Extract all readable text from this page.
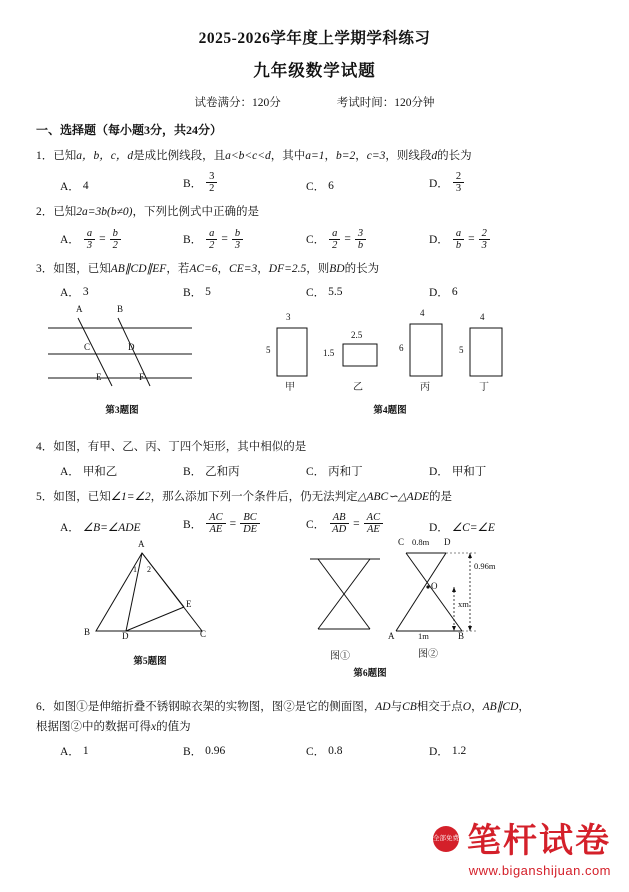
2025-2026学年度上学期学科练习
九年级数学试题
试卷满分：120分	考试时间：120分钟
一、选择题（每小题3分，共24分）
1．已知a，b，c，d是成比例线段，且a<b<c<d，其中a=1，b=2，c=3，则线段d的长为
A． 4	B． $\frac{3}{2}$	C． 6	D． $\frac{2}{3}$
2．已知2a=3b(b≠0)，下列比例式中正确的是
A． $\frac{a}{3} = \frac{b}{2}$	B． $\frac{a}{2} = \frac{b}{3}$	C． $\frac{a}{2} = \frac{3}{b}$	D． $\frac{a}{b} = \frac{2}{3}$
3．如图，已知AB∥CD∥EF，若AC=6，CE=3，DF=2.5，则BD的长为
A． 3	B． 5	C． 5.5	D． 6
A	B
C	D
E	F
第3题图
3
5
甲
2.5
1.5
乙
4
6
丙
4
5
丁
第4题图
4．如图，有甲、乙、丙、丁四个矩形，其中相似的是
A． 甲和乙	B． 乙和丙	C． 丙和丁	D． 甲和丁
5．如图，已知∠1=∠2，那么添加下列一个条件后，仍无法判定△ABC∽△ADE的是
A． ∠B=∠ADE	B． $\frac{AC}{AE} = \frac{BC}{DE}$	C． $\frac{AB}{AD} = \frac{AC}{AE}$	D． ∠C=∠E
A
1 2
E
B	D	C
第5题图	图①
C 0.8m D
0.96m
O
xm
A	1m	B
图②
第6题图
6．如图①是伸缩折叠不锈钢晾衣架的实物图，图②是它的侧面图，AD与CB相交于点O，AB∥CD，
根据图②中的数据可得x的值为
A． 1	B． 0.96	C． 0.8	D． 1.2
全部免费 笔杆试卷
www.biganshijuan.com
